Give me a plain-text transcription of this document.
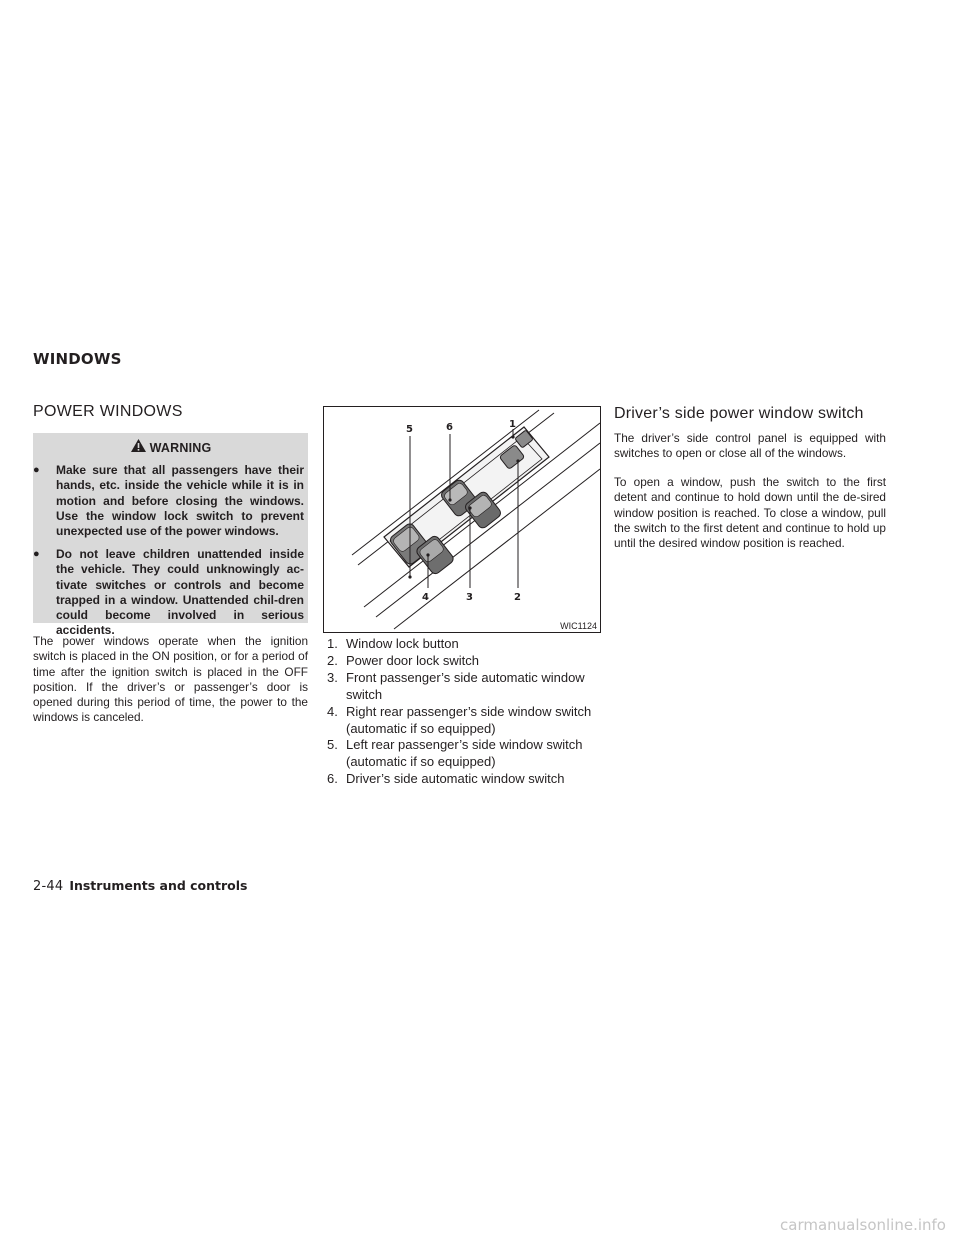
WINDOWS
POWER WINDOWS
WARNING
● Make sure that all passengers have their hands, etc. inside the vehicle while it is in motion and before closing the windows. Use the window lock switch to prevent unexpected use of the power windows.
● Do not leave children unattended inside the vehicle. They could unknowingly ac-tivate switches or controls and become trapped in a window. Unattended chil-dren could become involved in serious accidents.
The power windows operate when the ignition switch is placed in the ON position, or for a period of time after the ignition switch is placed in the OFF position. If the driver’s or passenger’s door is opened during this period of time, the power to the windows is canceled.
1
2
3
4
5	6
WIC1124
1. Window lock button
2. Power door lock switch
3. Front passenger’s side automatic window switch
4. Right rear passenger’s side window switch (automatic if so equipped)
5. Left rear passenger’s side window switch (automatic if so equipped)
6. Driver’s side automatic window switch
Driver’s side power window switch
The driver’s side control panel is equipped with switches to open or close all of the windows.
To open a window, push the switch to the first detent and continue to hold down until the de-sired window position is reached. To close a window, pull the switch to the first detent and continue to hold up until the desired window position is reached.
2-44 Instruments and controls
carmanualsonline.info
